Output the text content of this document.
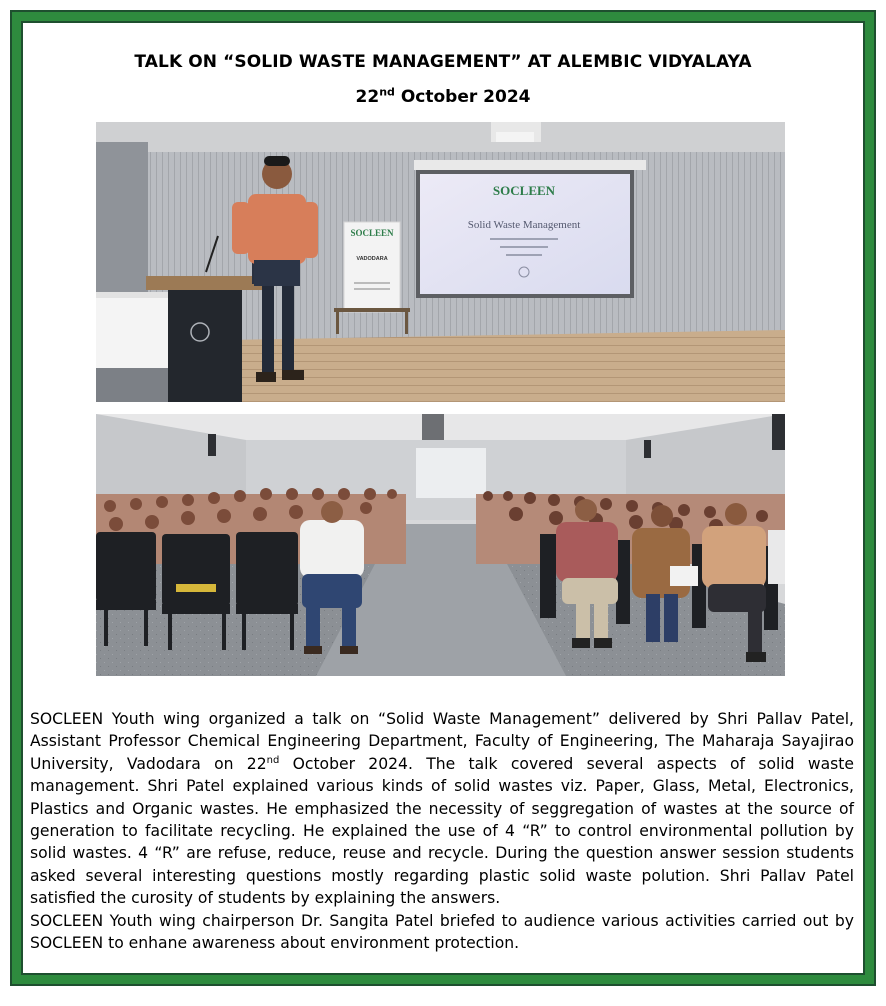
TALK ON “SOLID WASTE MANAGEMENT” AT ALEMBIC VIDYALAYA
22nd October 2024
SOCLEEN
Solid Waste Management
SOCLEEN
VADODARA

SOCLEEN Youth wing organized a talk on “Solid Waste Management” delivered by Shri Pallav Patel, Assistant Professor Chemical Engineering Department, Faculty of Engineering, The Maharaja Sayajirao University, Vadodara on 22nd October 2024. The talk covered several aspects of solid waste management. Shri Patel explained various kinds of solid wastes viz. Paper, Glass, Metal, Electronics, Plastics and Organic wastes. He emphasized the necessity of seggregation of wastes at the source of generation to facilitate recycling. He explained the use of 4 “R” to control environmental pollution by solid wastes. 4 “R” are refuse, reduce, reuse and recycle. During the question answer session students asked several interesting questions mostly regarding plastic solid waste polution. Shri Pallav Patel satisfied the curosity of students by explaining the answers.

SOCLEEN Youth wing chairperson Dr. Sangita Patel briefed to audience various activities carried out by SOCLEEN to enhane awareness about environment protection.
